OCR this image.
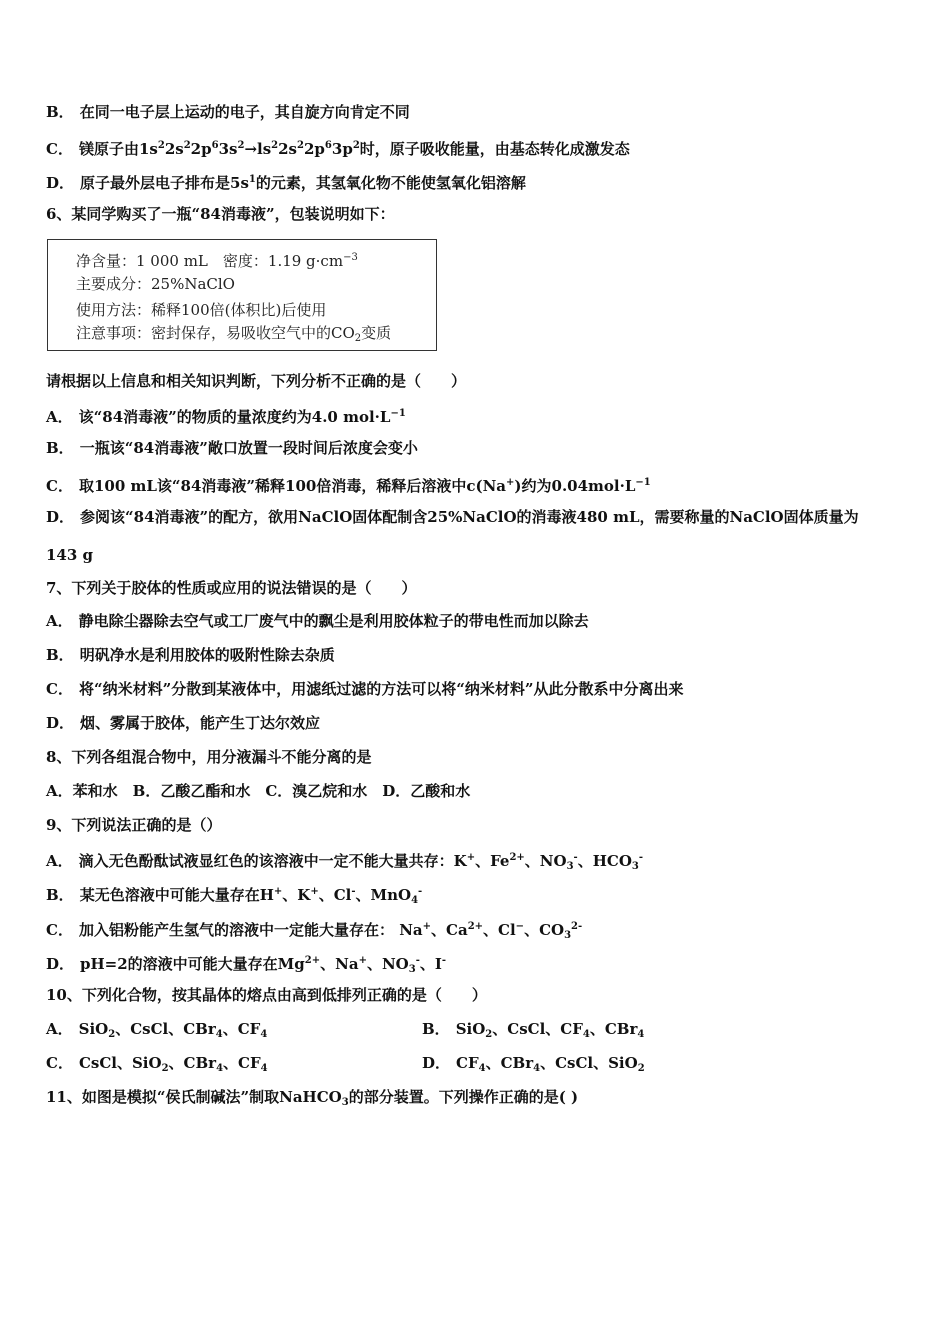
B． 在同一电子层上运动的电子，其自旋方向肯定不同
C． 镁原子由$1s^22s^22p^63s^2\to ls^22s^22p^63p^2$时，原子吸收能量，由基态转化成激发态
D． 原子最外层电子排布是$5s^1$的元素，其氢氧化物不能使氢氧化铝溶解
6、某同学购买了一瓶“84消毒液”，包装说明如下：
净含量：1 000 mL　密度：1.19 $g\cdot cm^{-3}$
主要成分：25%NaClO
使用方法：稀释100倍(体积比)后使用
注意事项：密封保存，易吸收空气中的$CO_2$变质
请根据以上信息和相关知识判断，下列分析不正确的是（　　）
A． 该“84消毒液”的物质的量浓度约为4.0 $mol\cdot L^{-1}$
B． 一瓶该“84消毒液”敞口放置一段时间后浓度会变小
C． 取100 mL该“84消毒液”稀释100倍消毒，稀释后溶液中c(Na+)约为$0.04mol\cdot L^{-1}$
D． 参阅该“84消毒液”的配方，欲用NaClO固体配制含25%NaClO的消毒液480 mL，需要称量的NaClO固体质量为
143 g
7、下列关于胶体的性质或应用的说法错误的是（　　）
A． 静电除尘器除去空气或工厂废气中的飘尘是利用胶体粒子的带电性而加以除去
B． 明矾净水是利用胶体的吸附性除去杂质
C． 将“纳米材料”分散到某液体中，用滤纸过滤的方法可以将“纳米材料”从此分散系中分离出来
D． 烟、雾属于胶体，能产生丁达尔效应
8、下列各组混合物中，用分液漏斗不能分离的是
A．苯和水　B．乙酸乙酯和水　C．溴乙烷和水　D．乙酸和水
9、下列说法正确的是（）
A． 滴入无色酚酞试液显红色的该溶液中一定不能大量共存：K+、$Fe^{2+}$、$NO_3^-$、$HCO_3^-$
B． 某无色溶液中可能大量存在H+、K+、Cl-、MnO$_4$-
C． 加入铝粉能产生氢气的溶液中一定能大量存在： Na+、$Ca^{2+}$、Cl−、$CO_3^{2-}$
D． pH=2的溶液中可能大量存在$Mg^{2+}$、Na+、$NO_3^-$、I-
10、下列化合物，按其晶体的熔点由高到低排列正确的是（　　）
A． SiO$_2$、CsCl、CBr$_4$、$CF_4$	B． SiO$_2$、CsCl、$CF_4$、CBr$_4$
C． CsCl、SiO$_2$、CBr$_4$、$CF_4$	D． $CF_4$、CBr$_4$、CsCl、SiO$_2$
11、如图是模拟“侯氏制碱法”制取NaHCO$_3$的部分装置。下列操作正确的是( )
